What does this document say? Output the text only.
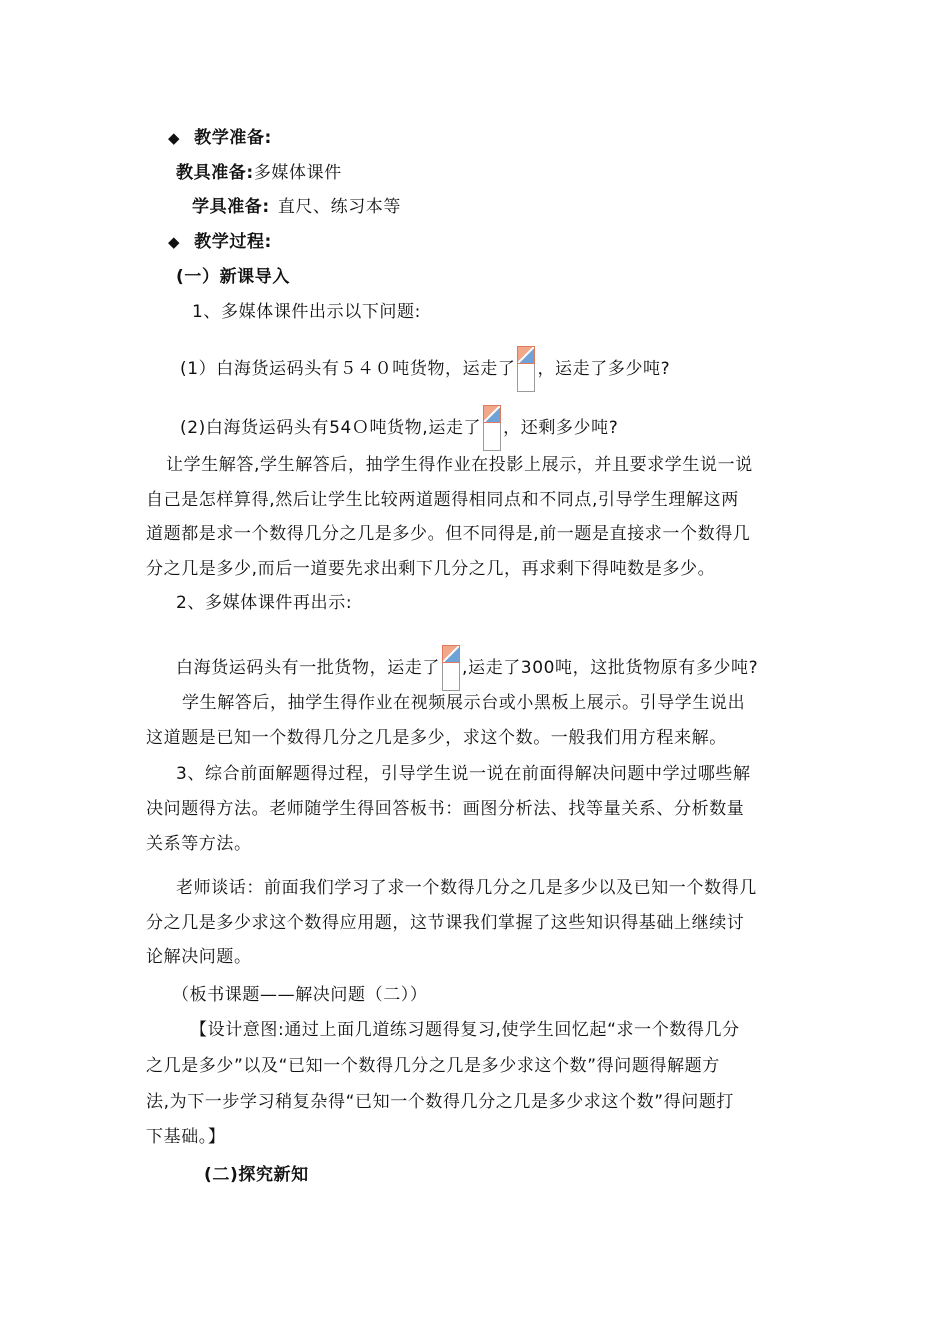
◆ 教学准备:
教具准备:多媒体课件
学具准备: 直尺、练习本等
◆ 教学过程:
(一）新课导入
1、多媒体课件出示以下问题:
(1）白海货运码头有５４０吨货物，运走了 ，运走了多少吨?
(2)白海货运码头有54Ｏ吨货物,运走了 ，还剩多少吨?
让学生解答,学生解答后，抽学生得作业在投影上展示，并且要求学生说一说
自己是怎样算得,然后让学生比较两道题得相同点和不同点,引导学生理解这两
道题都是求一个数得几分之几是多少。但不同得是,前一题是直接求一个数得几
分之几是多少,而后一道要先求出剩下几分之几，再求剩下得吨数是多少。
2、多媒体课件再出示:
白海货运码头有一批货物，运走了 ,运走了300吨，这批货物原有多少吨?
学生解答后，抽学生得作业在视频展示台或小黑板上展示。引导学生说出
这道题是已知一个数得几分之几是多少，求这个数。一般我们用方程来解。
3、综合前面解题得过程，引导学生说一说在前面得解决问题中学过哪些解
决问题得方法。老师随学生得回答板书：画图分析法、找等量关系、分析数量
关系等方法。
老师谈话：前面我们学习了求一个数得几分之几是多少以及已知一个数得几
分之几是多少求这个数得应用题，这节课我们掌握了这些知识得基础上继续讨
论解决问题。
（板书课题——解决问题（二））
【设计意图:通过上面几道练习题得复习,使学生回忆起“求一个数得几分
之几是多少”以及“已知一个数得几分之几是多少求这个数”得问题得解题方
法,为下一步学习稍复杂得“已知一个数得几分之几是多少求这个数”得问题打
下基础。】
(二)探究新知
